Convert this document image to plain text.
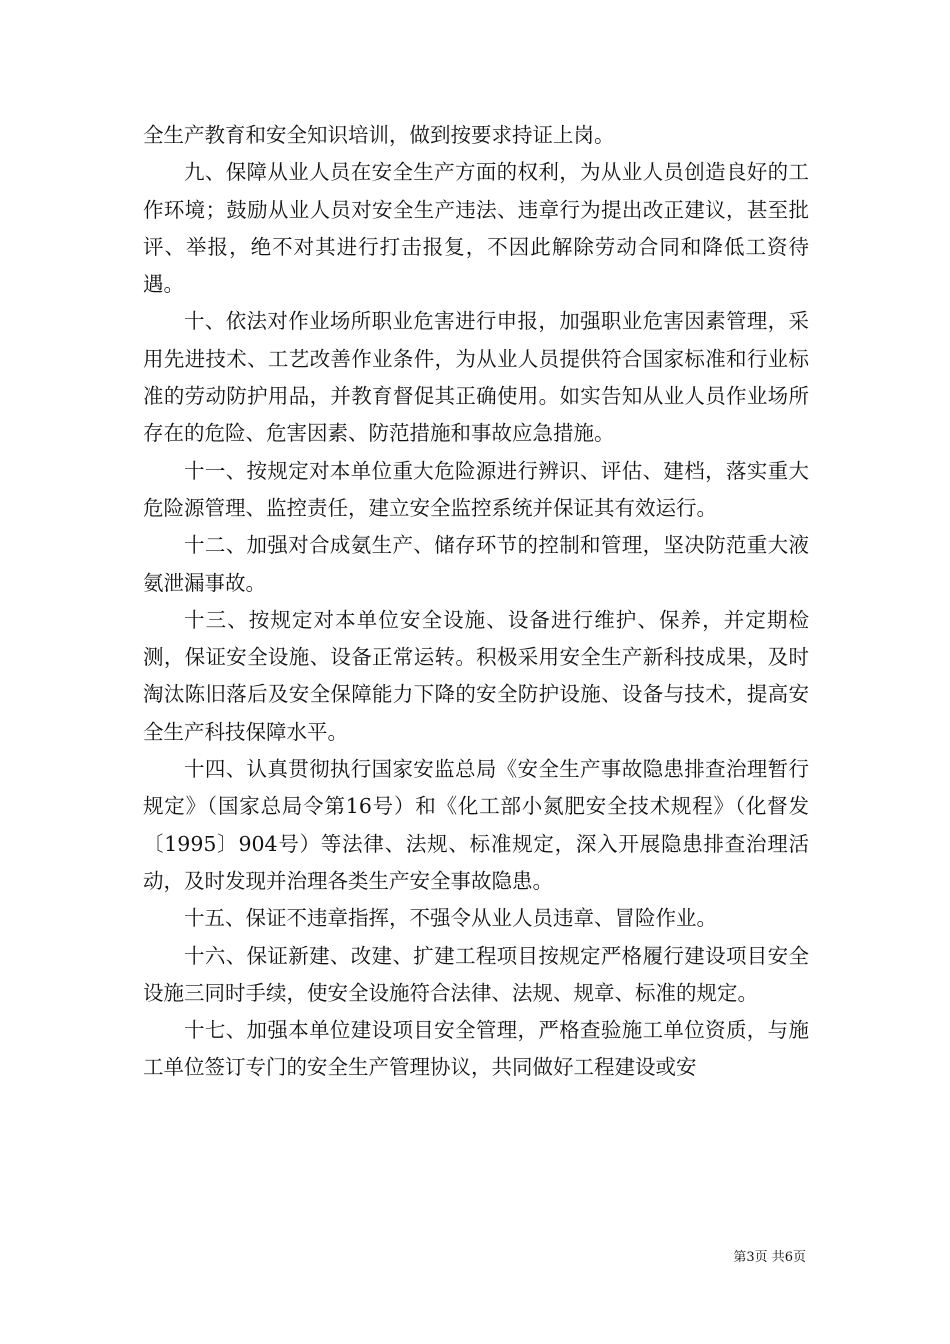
全生产教育和安全知识培训，做到按要求持证上岗。

九、保障从业人员在安全生产方面的权利，为从业人员创造良好的工作环境；鼓励从业人员对安全生产违法、违章行为提出改正建议，甚至批评、举报，绝不对其进行打击报复，不因此解除劳动合同和降低工资待遇。

十、依法对作业场所职业危害进行申报，加强职业危害因素管理，采用先进技术、工艺改善作业条件，为从业人员提供符合国家标准和行业标准的劳动防护用品，并教育督促其正确使用。如实告知从业人员作业场所存在的危险、危害因素、防范措施和事故应急措施。

十一、按规定对本单位重大危险源进行辨识、评估、建档，落实重大危险源管理、监控责任，建立安全监控系统并保证其有效运行。

十二、加强对合成氨生产、储存环节的控制和管理，坚决防范重大液氨泄漏事故。

十三、按规定对本单位安全设施、设备进行维护、保养，并定期检测，保证安全设施、设备正常运转。积极采用安全生产新科技成果，及时淘汰陈旧落后及安全保障能力下降的安全防护设施、设备与技术，提高安全生产科技保障水平。

十四、认真贯彻执行国家安监总局《安全生产事故隐患排查治理暂行规定》（国家总局令第16号）和《化工部小氮肥安全技术规程》（化督发〔1995〕904号）等法律、法规、标准规定，深入开展隐患排查治理活动，及时发现并治理各类生产安全事故隐患。

十五、保证不违章指挥，不强令从业人员违章、冒险作业。

十六、保证新建、改建、扩建工程项目按规定严格履行建设项目安全设施三同时手续，使安全设施符合法律、法规、规章、标准的规定。

十七、加强本单位建设项目安全管理，严格查验施工单位资质，与施工单位签订专门的安全生产管理协议，共同做好工程建设或安

第3页 共6页
